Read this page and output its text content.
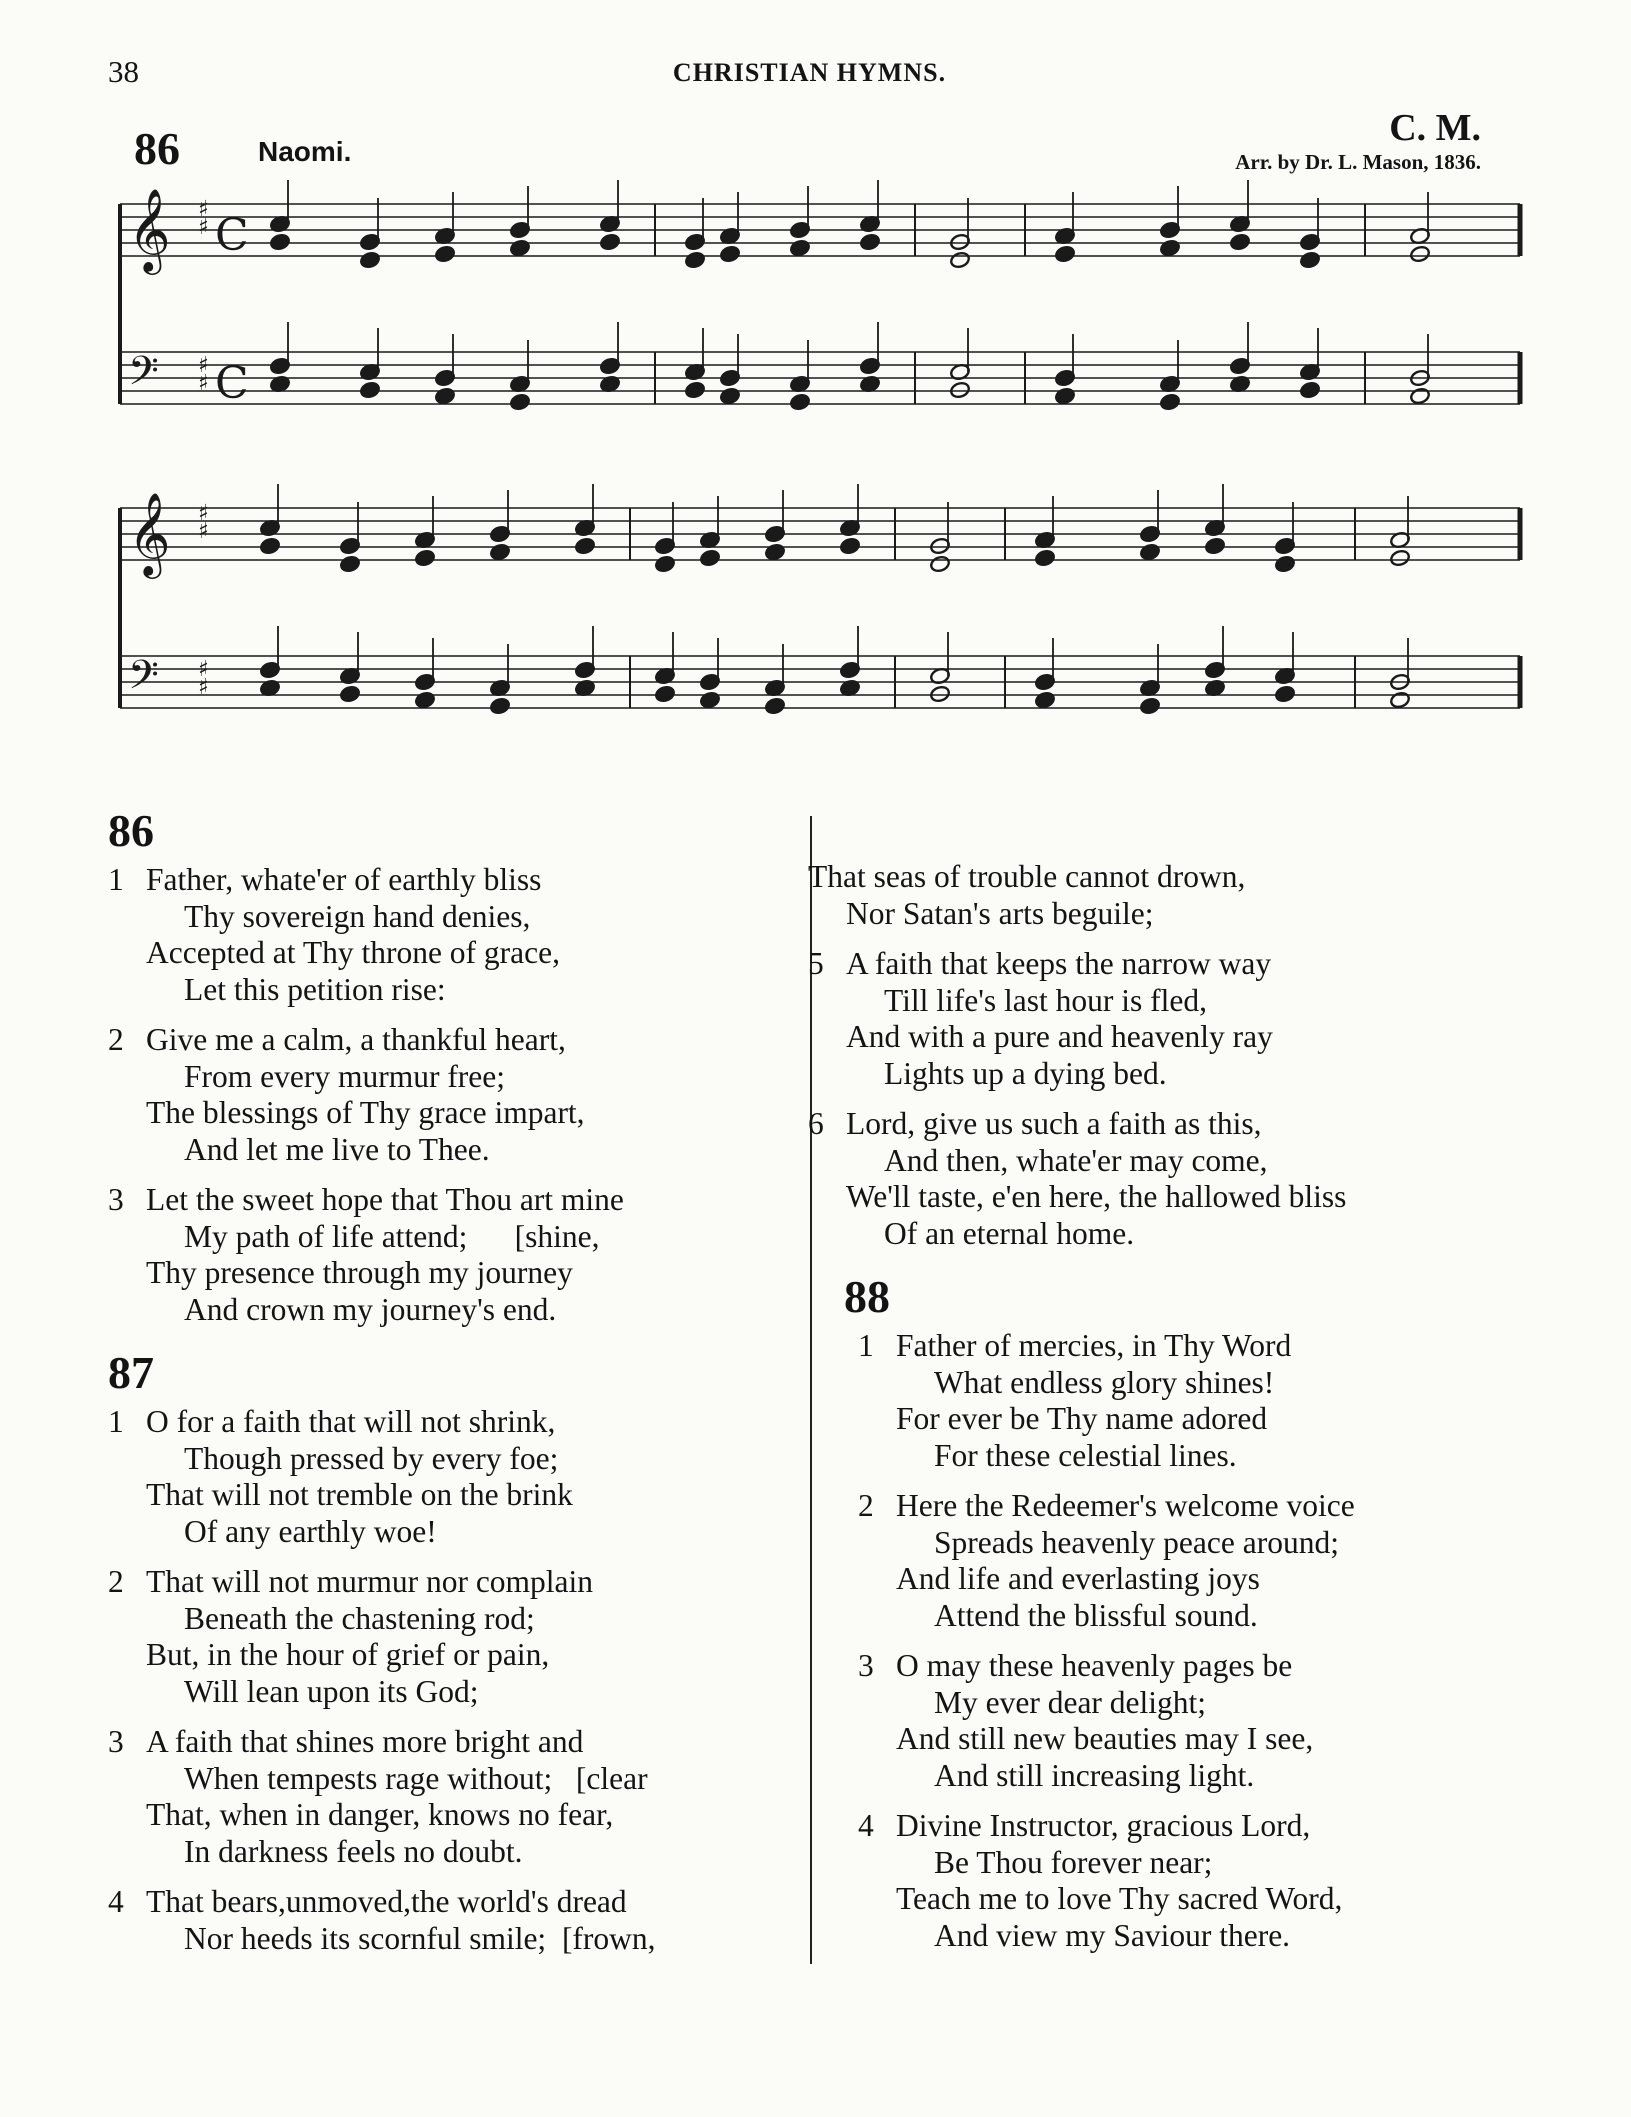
38	CHRISTIAN HYMNS.
86	Naomi.
C. M.
Arr. by Dr. L. Mason, 1836.
𝄞
𝄢
C
C
♯
♯
♯
♯
𝄞
𝄢
♯
♯
♯
♯
86
1 Father, whate'er of earthly bliss
Thy sovereign hand denies,
Accepted at Thy throne of grace,
Let this petition rise:
2 Give me a calm, a thankful heart,
From every murmur free;
The blessings of Thy grace impart,
And let me live to Thee.
3 Let the sweet hope that Thou art mine
My path of life attend;      [shine,
Thy presence through my journey
And crown my journey's end.
87
1 O for a faith that will not shrink,
Though pressed by every foe;
That will not tremble on the brink
Of any earthly woe!
2 That will not murmur nor complain
Beneath the chastening rod;
But, in the hour of grief or pain,
Will lean upon its God;
3 A faith that shines more bright and
When tempests rage without;   [clear
That, when in danger, knows no fear,
In darkness feels no doubt.
4 That bears,unmoved,the world's dread
Nor heeds its scornful smile;  [frown,
That seas of trouble cannot drown,
Nor Satan's arts beguile;
5 A faith that keeps the narrow way
Till life's last hour is fled,
And with a pure and heavenly ray
Lights up a dying bed.
6 Lord, give us such a faith as this,
And then, whate'er may come,
We'll taste, e'en here, the hallowed bliss
Of an eternal home.
88
1 Father of mercies, in Thy Word
What endless glory shines!
For ever be Thy name adored
For these celestial lines.
2 Here the Redeemer's welcome voice
Spreads heavenly peace around;
And life and everlasting joys
Attend the blissful sound.
3 O may these heavenly pages be
My ever dear delight;
And still new beauties may I see,
And still increasing light.
4 Divine Instructor, gracious Lord,
Be Thou forever near;
Teach me to love Thy sacred Word,
And view my Saviour there.
